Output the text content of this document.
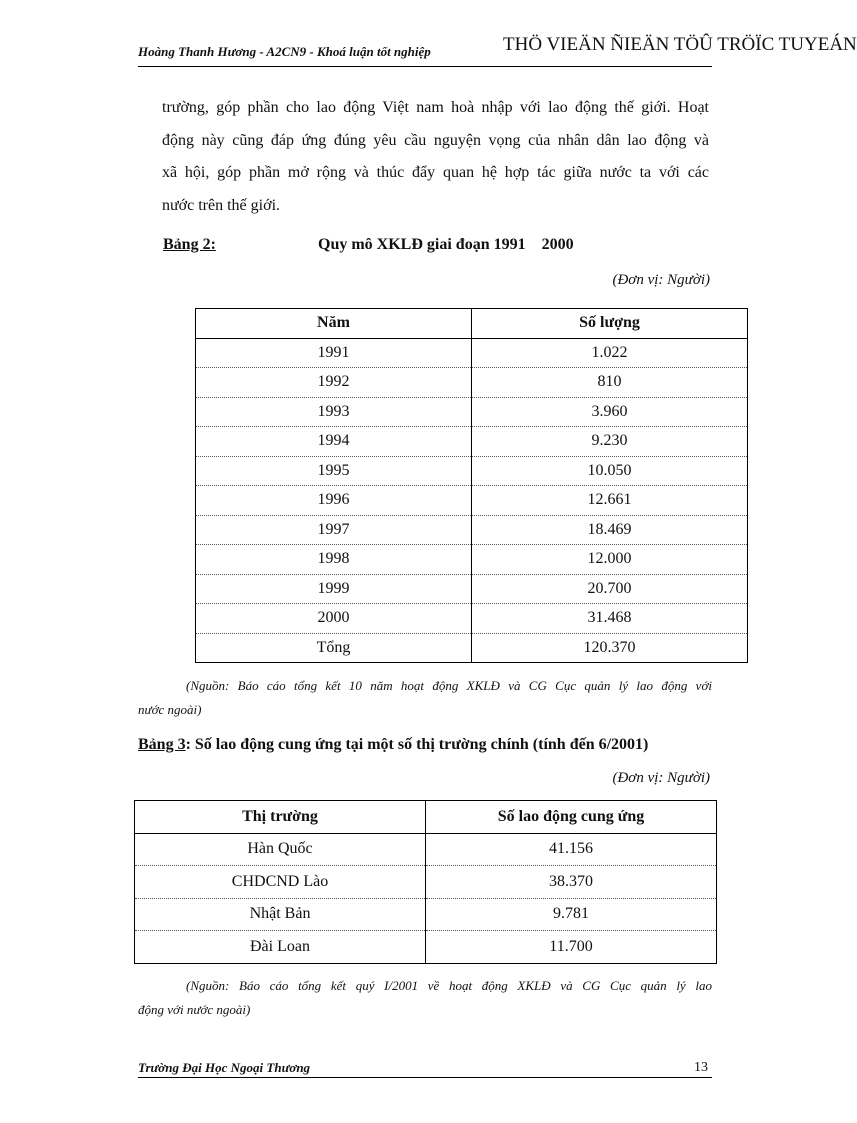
Hoàng Thanh Hương - A2CN9 - Khoá luận tốt nghiệp	THÖ VIEÄN ÑIEÄN TÖÛ TRÖÏC TUYEÁN
trường, góp phần cho lao động Việt nam hoà nhập với lao động thế giới. Hoạt
động này cũng đáp ứng đúng yêu cầu nguyện vọng của nhân dân lao động và
xã hội, góp phần mở rộng và thúc đẩy quan hệ hợp tác giữa nước ta với các
nước trên thế giới.
Bảng 2:	Quy mô XKLĐ giai đoạn 1991    2000
(Đơn vị: Người)
Năm	Số lượng
1991	1.022
1992	810
1993	3.960
1994	9.230
1995	10.050
1996	12.661
1997	18.469
1998	12.000
1999	20.700
2000	31.468
Tổng	120.370
(Nguồn: Báo cáo tổng kết 10 năm hoạt động XKLĐ và CG Cục quản lý lao động với
nước ngoài)
Bảng 3: Số lao động cung ứng tại một số thị trường chính (tính đến 6/2001)
(Đơn vị: Người)
Thị trường	Số lao động cung ứng
Hàn Quốc	41.156
CHDCND Lào	38.370
Nhật Bản	9.781
Đài Loan	11.700
(Nguồn: Báo cáo tổng kết quý I/2001 về hoạt động XKLĐ và CG Cục quản lý lao
động với nước ngoài)
Trường Đại Học Ngoại Thương	13
